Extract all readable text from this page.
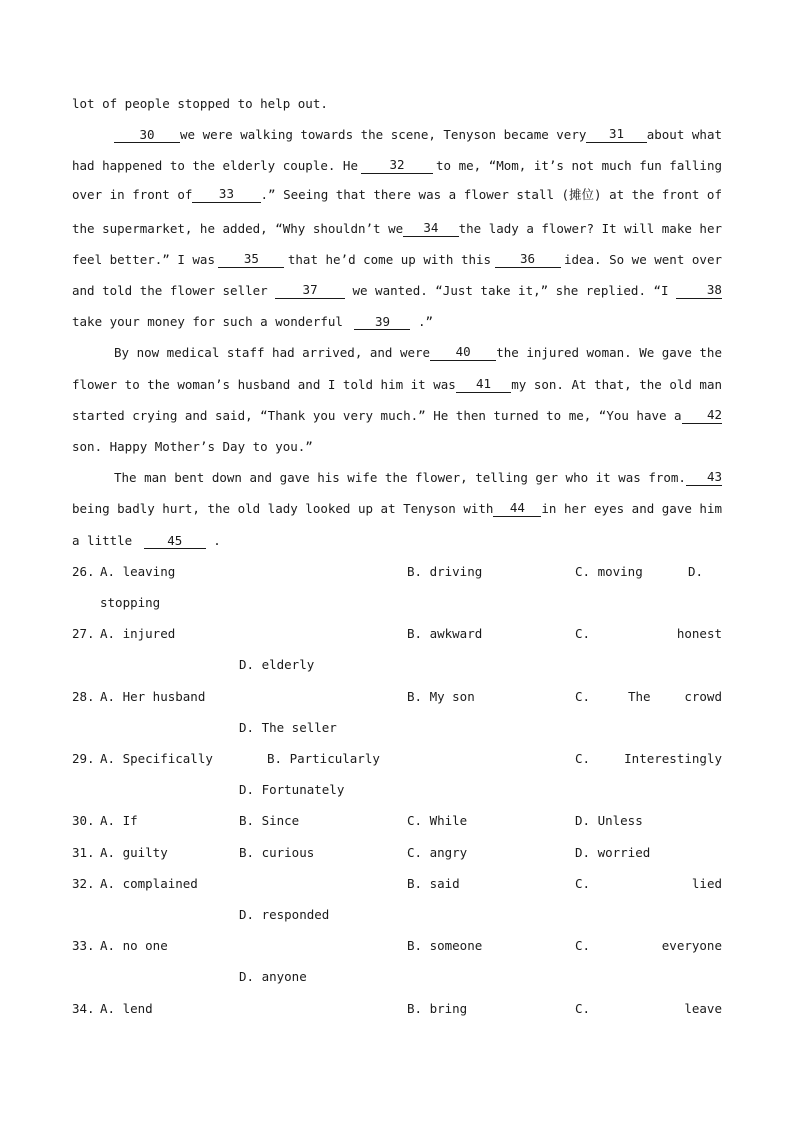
lot of people stopped to help out.
30	we were walking towards the scene, Tenyson became very	31	about what
had happened to the elderly couple. He	32	to me, “Mom, it’s not much fun falling
over in front of	33	.” Seeing that there was a flower stall (摊位) at the front of
the supermarket, he added, “Why shouldn’t we	34	the lady a flower? It will make her
feel better.” I was	35	that he’d come up with this	36	idea. So we went over
and told the flower seller	37	we wanted. “Just take it,” she replied. “I	38
take your money for such a wonderful	39 .”
By now medical staff had arrived, and were	40	the injured woman. We gave the
flower to the woman’s husband and I told him it was	41	my son. At that, the old man
started crying and said, “Thank you very much.” He then turned to me, “You have a	42
son. Happy Mother’s Day to you.”
The man bent down and gave his wife the flower, telling ger who it was from.	43
being badly hurt, the old lady looked up at Tenyson with	44	in her eyes and gave him
a little	45 .
26. A. leaving	B. driving	C. moving	D.
stopping
27. A. injured	B. awkward	C.	honest
D. elderly
28. A. Her husband	B. My son	C.	The	crowd
D. The seller
29. A. Specifically	B. Particularly	C.	Interestingly
D. Fortunately
30. A. If	B. Since	C. While	D. Unless
31. A. guilty	B. curious	C. angry	D. worried
32. A. complained	B. said	C.	lied
D. responded
33. A. no one	B. someone	C.	everyone
D. anyone
34. A. lend	B. bring	C.	leave
